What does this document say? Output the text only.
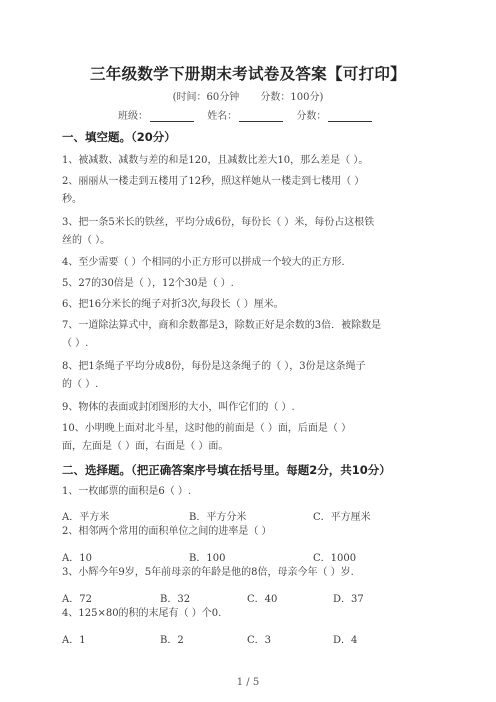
三年级数学下册期末考试卷及答案【可打印】
(时间：60分钟 分数：100分)
班级：	姓名：	分数：
一、填空题。（20分）
1、被减数、减数与差的和是120，且减数比差大10，那么差是（ ）。
2、丽丽从一楼走到五楼用了12秒，照这样她从一楼走到七楼用（ ）
秒。
3、把一条5米长的铁丝，平均分成6份，每份长（ ）米，每份占这根铁
丝的（ ）。
4、至少需要（ ）个相同的小正方形可以拼成一个较大的正方形.
5、27的30倍是（ ），12个30是（ ）.
6、把16分米长的绳子对折3次,每段长（ ）厘米。
7、一道除法算式中，商和余数都是3，除数正好是余数的3倍．被除数是
（ ）.
8、把1条绳子平均分成8份，每份是这条绳子的（ ），3份是这条绳子
的（ ）.
9、物体的表面或封闭图形的大小，叫作它们的（ ）.
10、小明晚上面对北斗星，这时他的前面是（ ）面，后面是（ ）
面，左面是（ ）面，右面是（ ）面。
二、选择题。（把正确答案序号填在括号里。每题2分，共10分）
1、一枚邮票的面积是6（ ）.
A．平方米	B．平方分米	C．平方厘米
2、相邻两个常用的面积单位之间的进率是（ ）
A．10	B．100	C．1000
3、小辉今年9岁，5年前母亲的年龄是他的8倍，母亲今年（ ）岁.
A．72	B．32	C．40	D．37
4、125×80的积的末尾有（ ）个0.
A．1	B．2	C．3	D．4
1 / 5
